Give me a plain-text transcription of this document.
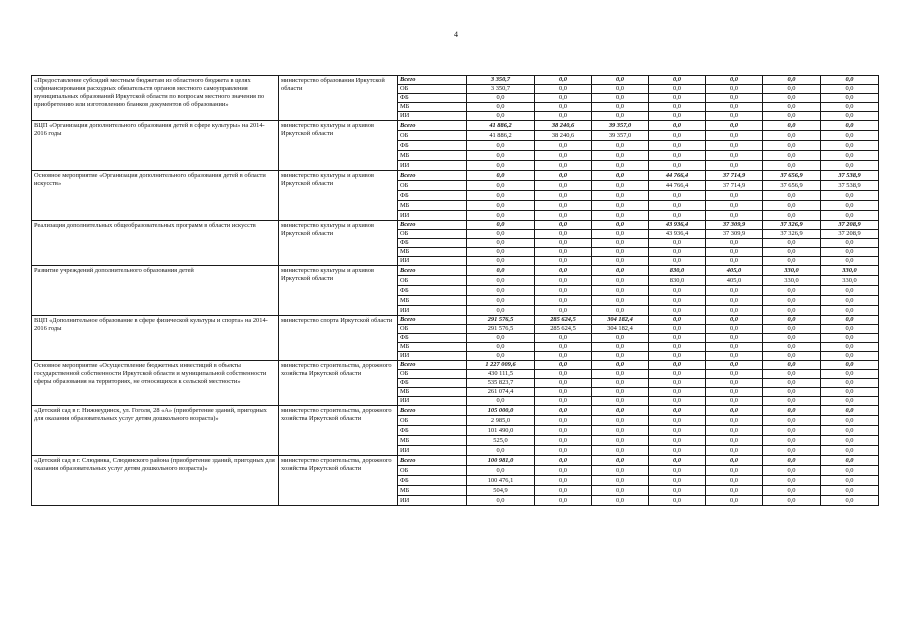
4
«Предоставление субсидий местным бюджетам из областного бюджета в целях софинансирования расходных обязательств органов местного самоуправления муниципальных образований Иркутской области по вопросам местного значения по приобретению или изготовлению бланков документов об образовании»	министерство образования Иркутской области	Всего	3 350,7	0,0	0,0	0,0	0,0	0,0	0,0
		ОБ	3 350,7	0,0	0,0	0,0	0,0	0,0	0,0
		ФБ	0,0	0,0	0,0	0,0	0,0	0,0	0,0
		МБ	0,0	0,0	0,0	0,0	0,0	0,0	0,0
		ИИ	0,0	0,0	0,0	0,0	0,0	0,0	0,0
ВЦП «Организация дополнительного образования детей в сфере культуры» на 2014-2016 годы	министерство культуры и архивов Иркутской области	Всего	41 886,2	38 240,6	39 357,0	0,0	0,0	0,0	0,0
		ОБ	41 886,2	38 240,6	39 357,0	0,0	0,0	0,0	0,0
		ФБ	0,0	0,0	0,0	0,0	0,0	0,0	0,0
		МБ	0,0	0,0	0,0	0,0	0,0	0,0	0,0
		ИИ	0,0	0,0	0,0	0,0	0,0	0,0	0,0
Основное мероприятие «Организация дополнительного образования детей в области искусств»	министерство культуры и архивов Иркутской области	Всего	0,0	0,0	0,0	44 766,4	37 714,9	37 656,9	37 538,9
		ОБ	0,0	0,0	0,0	44 766,4	37 714,9	37 656,9	37 538,9
		ФБ	0,0	0,0	0,0	0,0	0,0	0,0	0,0
		МБ	0,0	0,0	0,0	0,0	0,0	0,0	0,0
		ИИ	0,0	0,0	0,0	0,0	0,0	0,0	0,0
Реализация дополнительных общеобразовательных программ в области искусств	министерство культуры и архивов Иркутской области	Всего	0,0	0,0	0,0	43 936,4	37 309,9	37 326,9	37 208,9
		ОБ	0,0	0,0	0,0	43 936,4	37 309,9	37 326,9	37 208,9
		ФБ	0,0	0,0	0,0	0,0	0,0	0,0	0,0
		МБ	0,0	0,0	0,0	0,0	0,0	0,0	0,0
		ИИ	0,0	0,0	0,0	0,0	0,0	0,0	0,0
Развитие учреждений дополнительного образования детей	министерство культуры и архивов Иркутской области	Всего	0,0	0,0	0,0	830,0	405,0	330,0	330,0
		ОБ	0,0	0,0	0,0	830,0	405,0	330,0	330,0
		ФБ	0,0	0,0	0,0	0,0	0,0	0,0	0,0
		МБ	0,0	0,0	0,0	0,0	0,0	0,0	0,0
		ИИ	0,0	0,0	0,0	0,0	0,0	0,0	0,0
ВЦП «Дополнительное образование в сфере физической культуры и спорта» на 2014-2016 годы	министерство спорта Иркутской области	Всего	291 576,5	285 624,5	304 182,4	0,0	0,0	0,0	0,0
		ОБ	291 576,5	285 624,5	304 182,4	0,0	0,0	0,0	0,0
		ФБ	0,0	0,0	0,0	0,0	0,0	0,0	0,0
		МБ	0,0	0,0	0,0	0,0	0,0	0,0	0,0
		ИИ	0,0	0,0	0,0	0,0	0,0	0,0	0,0
Основное мероприятие «Осуществление бюджетных инвестиций в объекты государственной собственности Иркутской области и муниципальной собственности сферы образования на территориях, не относящихся к сельской местности»	министерство строительства, дорожного хозяйства Иркутской области	Всего	1 227 009,6	0,0	0,0	0,0	0,0	0,0	0,0
		ОБ	430 111,5	0,0	0,0	0,0	0,0	0,0	0,0
		ФБ	535 823,7	0,0	0,0	0,0	0,0	0,0	0,0
		МБ	261 074,4	0,0	0,0	0,0	0,0	0,0	0,0
		ИИ	0,0	0,0	0,0	0,0	0,0	0,0	0,0
«Детский сад в г. Нижнеудинск, ул. Гоголя, 28 «А» (приобретение зданий, пригодных для оказания образовательных услуг детям дошкольного возраста)»	министерство строительства, дорожного хозяйства Иркутской области	Всего	105 000,0	0,0	0,0	0,0	0,0	0,0	0,0
		ОБ	2 985,0	0,0	0,0	0,0	0,0	0,0	0,0
		ФБ	101 490,0	0,0	0,0	0,0	0,0	0,0	0,0
		МБ	525,0	0,0	0,0	0,0	0,0	0,0	0,0
		ИИ	0,0	0,0	0,0	0,0	0,0	0,0	0,0
«Детский сад в г. Слюдянка, Слюдянского района (приобретение зданий, пригодных для оказания образовательных услуг детям дошкольного возраста)»	министерство строительства, дорожного хозяйства Иркутской области	Всего	100 981,0	0,0	0,0	0,0	0,0	0,0	0,0
		ОБ	0,0	0,0	0,0	0,0	0,0	0,0	0,0
		ФБ	100 476,1	0,0	0,0	0,0	0,0	0,0	0,0
		МБ	504,9	0,0	0,0	0,0	0,0	0,0	0,0
		ИИ	0,0	0,0	0,0	0,0	0,0	0,0	0,0
